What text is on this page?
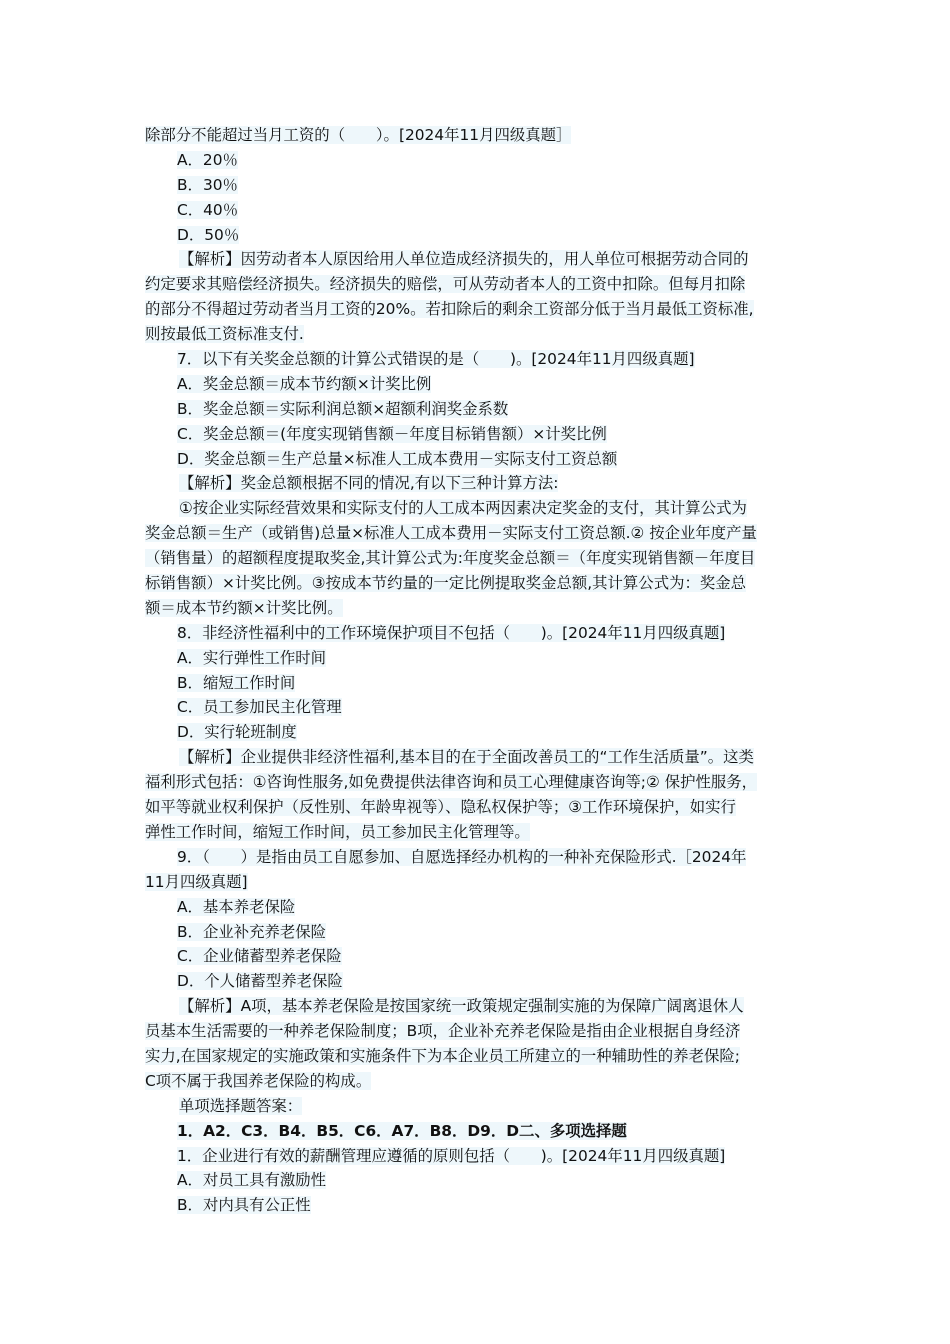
除部分不能超过当月工资的（　　）。[2024年11月四级真题］
A．20％
B．30％
C．40％
D．50％
【解析】因劳动者本人原因给用人单位造成经济损失的，用人单位可根据劳动合同的
约定要求其赔偿经济损失。经济损失的赔偿，可从劳动者本人的工资中扣除。但每月扣除
的部分不得超过劳动者当月工资的20%。若扣除后的剩余工资部分低于当月最低工资标准,
则按最低工资标准支付.
7．以下有关奖金总额的计算公式错误的是（　　)。[2024年11月四级真题]
A．奖金总额＝成本节约额×计奖比例
B．奖金总额＝实际利润总额×超额利润奖金系数
C．奖金总额＝(年度实现销售额－年度目标销售额）×计奖比例
D．奖金总额＝生产总量×标准人工成本费用－实际支付工资总额
【解析】奖金总额根据不同的情况,有以下三种计算方法:
①按企业实际经营效果和实际支付的人工成本两因素决定奖金的支付，其计算公式为
奖金总额＝生产（或销售)总量×标准人工成本费用－实际支付工资总额.② 按企业年度产量
（销售量）的超额程度提取奖金,其计算公式为:年度奖金总额＝（年度实现销售额－年度目
标销售额）×计奖比例。③按成本节约量的一定比例提取奖金总额,其计算公式为：奖金总
额＝成本节约额×计奖比例。
8．非经济性福利中的工作环境保护项目不包括（　　)。[2024年11月四级真题]
A．实行弹性工作时间
B．缩短工作时间
C．员工参加民主化管理
D．实行轮班制度
【解析】企业提供非经济性福利,基本目的在于全面改善员工的“工作生活质量”。这类
福利形式包括：①咨询性服务,如免费提供法律咨询和员工心理健康咨询等;② 保护性服务，
如平等就业权利保护（反性别、年龄卑视等）、隐私权保护等；③工作环境保护，如实行
弹性工作时间，缩短工作时间，员工参加民主化管理等。
9．（　　）是指由员工自愿参加、自愿选择经办机构的一种补充保险形式.［2024年
11月四级真题]
A．基本养老保险
B．企业补充养老保险
C．企业储蓄型养老保险
D．个人储蓄型养老保险
【解析】A项，基本养老保险是按国家统一政策规定强制实施的为保障广阔离退休人
员基本生活需要的一种养老保险制度；B项，企业补充养老保险是指由企业根据自身经济
实力,在国家规定的实施政策和实施条件下为本企业员工所建立的一种辅助性的养老保险;
C项不属于我国养老保险的构成。
单项选择题答案：
1．A2．C3．B4．B5．C6．A7．B8．D9．D二、多项选择题
1．企业进行有效的薪酬管理应遵循的原则包括（　　)。[2024年11月四级真题]
A．对员工具有激励性
B．对内具有公正性
